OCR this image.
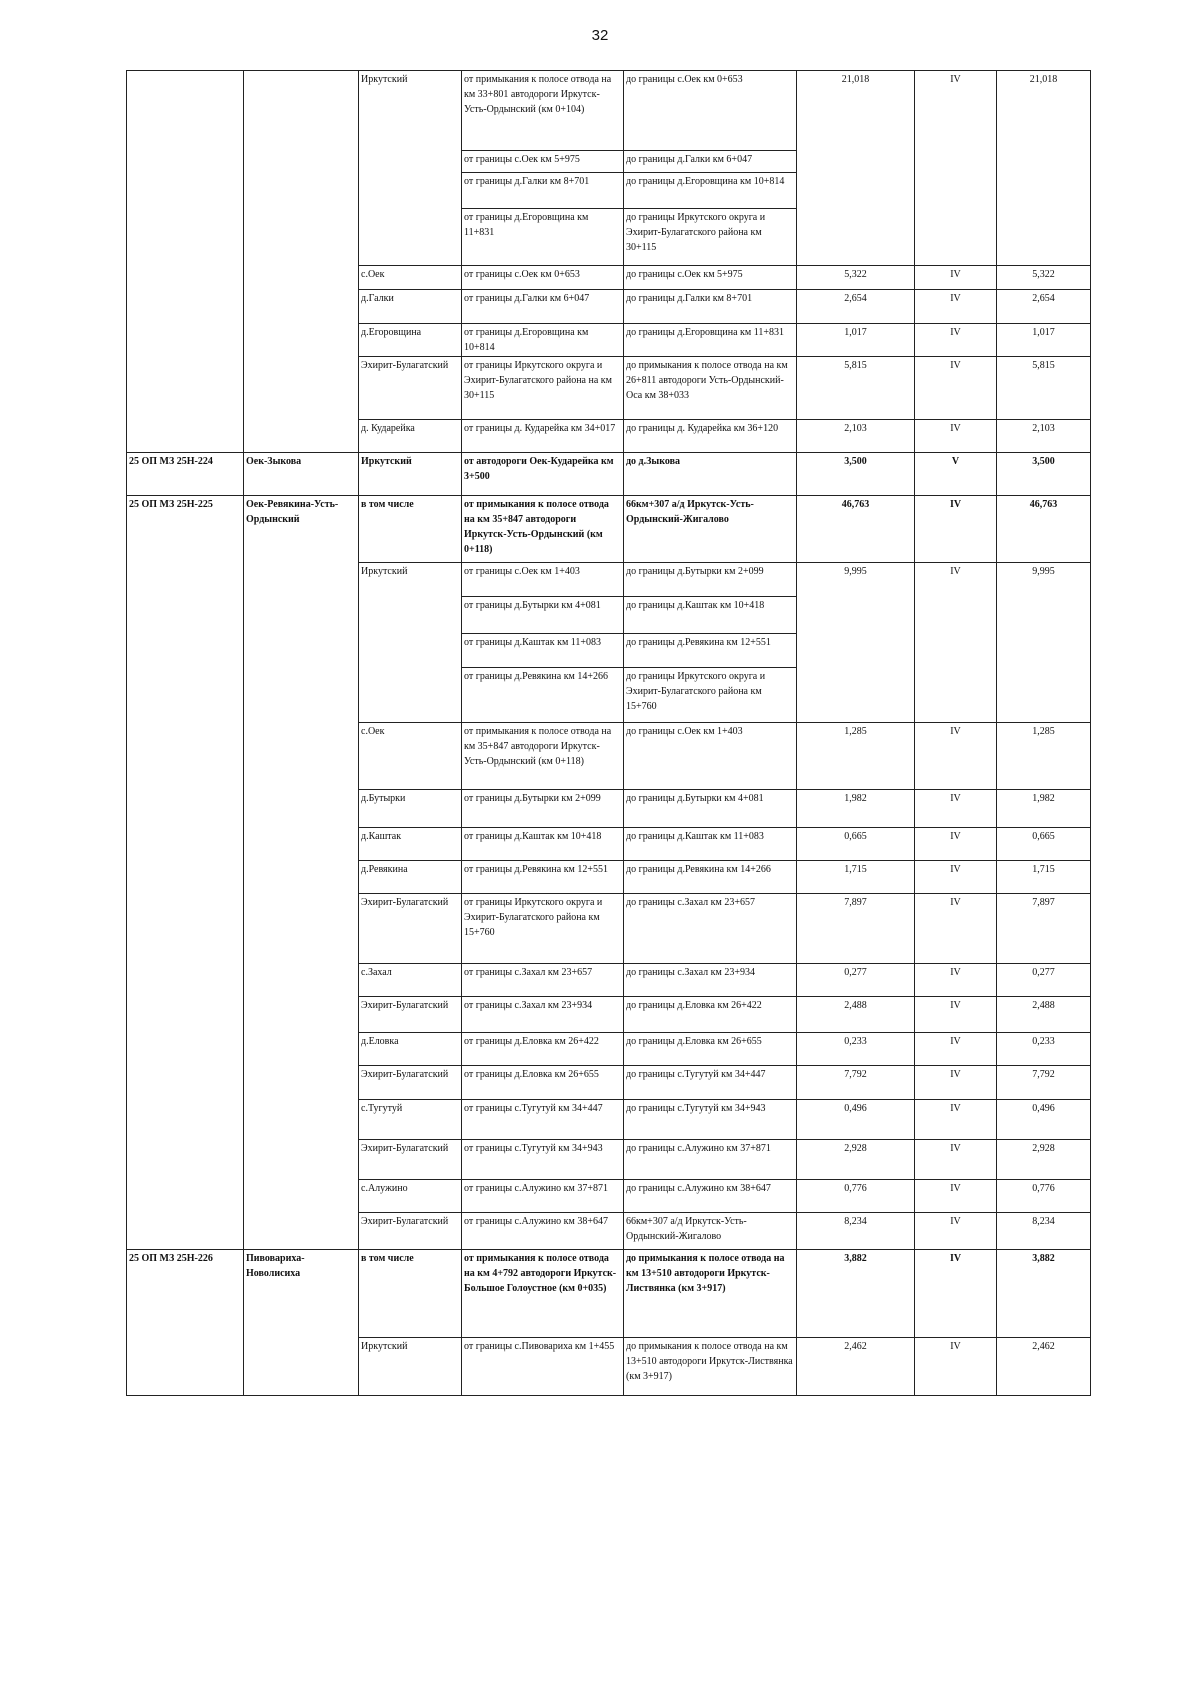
32
		Иркутский	от примыкания к полосе отвода на км 33+801 автодороги Иркутск-Усть-Ордынский (км 0+104)	до границы с.Оек км 0+653	21,018	IV	21,018
			от границы с.Оек км 5+975	до границы д.Галки км 6+047			
			от границы д.Галки км 8+701	до границы д.Егоровщина км 10+814			
			от границы д.Егоровщина км 11+831	до границы Иркутского округа и Эхирит-Булагатского района км 30+115			
		с.Оек	от границы с.Оек км 0+653	до границы с.Оек км 5+975	5,322	IV	5,322
		д.Галки	от границы д.Галки км 6+047	до границы д.Галки км 8+701	2,654	IV	2,654
		д.Егоровщина	от границы д.Егоровщина км 10+814	до границы д.Егоровщина км 11+831	1,017	IV	1,017
		Эхирит-Булагатский	от границы Иркутского округа и Эхирит-Булагатского района на км 30+115	до примыкания к полосе отвода на км 26+811 автодороги Усть-Ордынский-Оса км 38+033	5,815	IV	5,815
		д. Кударейка	от границы д. Кударейка км 34+017	до границы д. Кударейка км 36+120	2,103	IV	2,103
25 ОП МЗ 25Н-224	Оек-Зыкова	Иркутский	от автодороги Оек-Кударейка км 3+500	до д.Зыкова	3,500	V	3,500
25 ОП МЗ 25Н-225	Оек-Ревякина-Усть-Ордынский	в том числе	от примыкания к полосе отвода на км 35+847 автодороги Иркутск-Усть-Ордынский (км 0+118)	66км+307 а/д Иркутск-Усть-Ордынский-Жигалово	46,763	IV	46,763
		Иркутский	от границы с.Оек км 1+403	до границы д.Бутырки км 2+099	9,995	IV	9,995
			от границы д.Бутырки км 4+081	до границы д.Каштак км 10+418			
			от границы д.Каштак км 11+083	до границы д.Ревякина км 12+551			
			от границы д.Ревякина км 14+266	до границы Иркутского округа и Эхирит-Булагатского района км 15+760			
		с.Оек	от примыкания к полосе отвода на км 35+847 автодороги Иркутск-Усть-Ордынский (км 0+118)	до границы с.Оек км 1+403	1,285	IV	1,285
		д.Бутырки	от границы д.Бутырки км 2+099	до границы д.Бутырки км 4+081	1,982	IV	1,982
		д.Каштак	от границы д.Каштак км 10+418	до границы д.Каштак км 11+083	0,665	IV	0,665
		д.Ревякина	от границы д.Ревякина км 12+551	до границы д.Ревякина км 14+266	1,715	IV	1,715
		Эхирит-Булагатский	от границы Иркутского округа и Эхирит-Булагатского района км 15+760	до границы с.Захал км 23+657	7,897	IV	7,897
		с.Захал	от границы с.Захал км 23+657	до границы с.Захал км 23+934	0,277	IV	0,277
		Эхирит-Булагатский	от границы с.Захал км 23+934	до границы д.Еловка км 26+422	2,488	IV	2,488
		д.Еловка	от границы д.Еловка км 26+422	до границы д.Еловка км 26+655	0,233	IV	0,233
		Эхирит-Булагатский	от границы д.Еловка км 26+655	до границы с.Тугутуй км 34+447	7,792	IV	7,792
		с.Тугутуй	от границы с.Тугутуй км 34+447	до границы с.Тугутуй км 34+943	0,496	IV	0,496
		Эхирит-Булагатский	от границы с.Тугутуй км 34+943	до границы с.Алужино км 37+871	2,928	IV	2,928
		с.Алужино	от границы с.Алужино км 37+871	до границы с.Алужино км 38+647	0,776	IV	0,776
		Эхирит-Булагатский	от границы с.Алужино км 38+647	66км+307 а/д Иркутск-Усть-Ордынский-Жигалово	8,234	IV	8,234
25 ОП МЗ 25Н-226	Пивовариха-Новолисиха	в том числе	от примыкания к полосе отвода на км 4+792 автодороги Иркутск-Большое Голоустное (км 0+035)	до примыкания к полосе отвода на км 13+510 автодороги Иркутск-Листвянка (км 3+917)	3,882	IV	3,882
		Иркутский	от границы с.Пивовариха км 1+455	до примыкания к полосе отвода на км 13+510 автодороги Иркутск-Листвянка (км 3+917)	2,462	IV	2,462
